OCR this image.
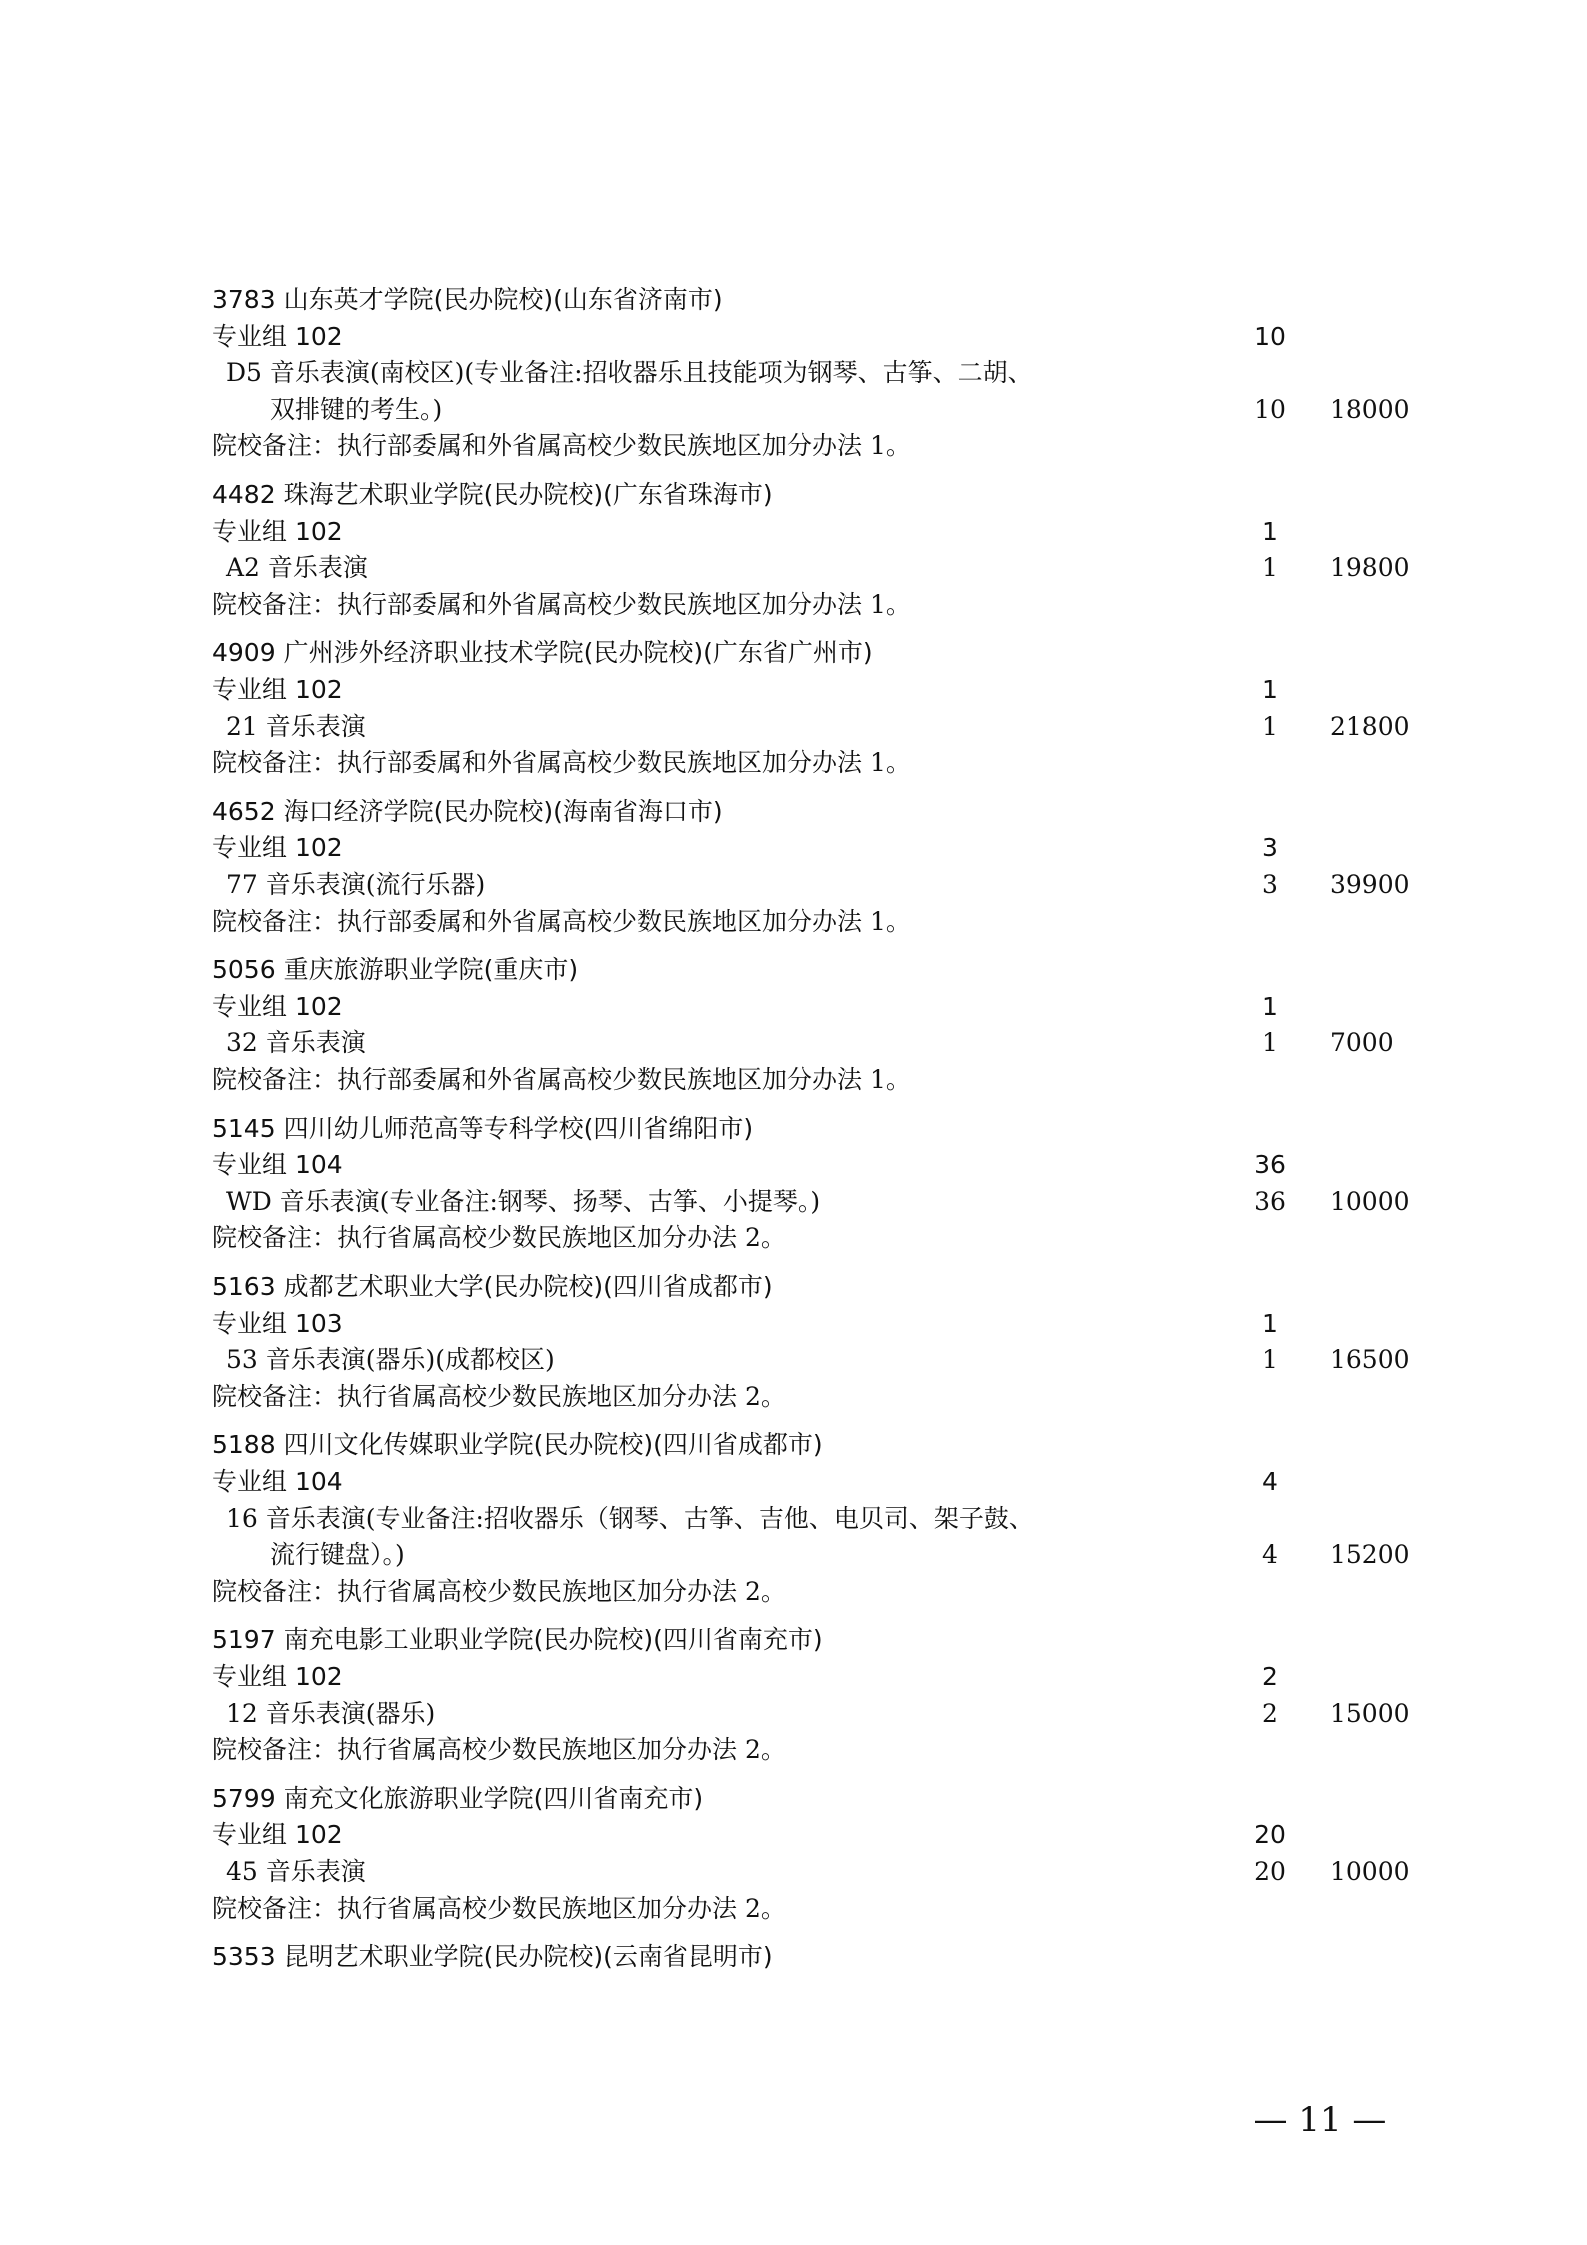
3783 山东英才学院(民办院校)(山东省济南市)
专业组 102	10
D5 音乐表演(南校区)(专业备注:招收器乐且技能项为钢琴、古筝、二胡、
双排键的考生。)	10 18000
院校备注：执行部委属和外省属高校少数民族地区加分办法 1。
4482 珠海艺术职业学院(民办院校)(广东省珠海市)
专业组 102	1
A2 音乐表演	1	19800
院校备注：执行部委属和外省属高校少数民族地区加分办法 1。
4909 广州涉外经济职业技术学院(民办院校)(广东省广州市)
专业组 102	1
21 音乐表演	1	21800
院校备注：执行部委属和外省属高校少数民族地区加分办法 1。
4652 海口经济学院(民办院校)(海南省海口市)
专业组 102	3
77 音乐表演(流行乐器)	3	39900
院校备注：执行部委属和外省属高校少数民族地区加分办法 1。
5056 重庆旅游职业学院(重庆市)
专业组 102	1
32 音乐表演	1	7000
院校备注：执行部委属和外省属高校少数民族地区加分办法 1。
5145 四川幼儿师范高等专科学校(四川省绵阳市)
专业组 104	36
WD 音乐表演(专业备注:钢琴、扬琴、古筝、小提琴。)	36 10000
院校备注：执行省属高校少数民族地区加分办法 2。
5163 成都艺术职业大学(民办院校)(四川省成都市)
专业组 103	1
53 音乐表演(器乐)(成都校区)	1	16500
院校备注：执行省属高校少数民族地区加分办法 2。
5188 四川文化传媒职业学院(民办院校)(四川省成都市)
专业组 104	4
16 音乐表演(专业备注:招收器乐（钢琴、古筝、吉他、电贝司、架子鼓、
流行键盘）。)	4	15200
院校备注：执行省属高校少数民族地区加分办法 2。
5197 南充电影工业职业学院(民办院校)(四川省南充市)
专业组 102	2
12 音乐表演(器乐)	2	15000
院校备注：执行省属高校少数民族地区加分办法 2。
5799 南充文化旅游职业学院(四川省南充市)
专业组 102	20
45 音乐表演	20 10000
院校备注：执行省属高校少数民族地区加分办法 2。
5353 昆明艺术职业学院(民办院校)(云南省昆明市)
— 11 —
